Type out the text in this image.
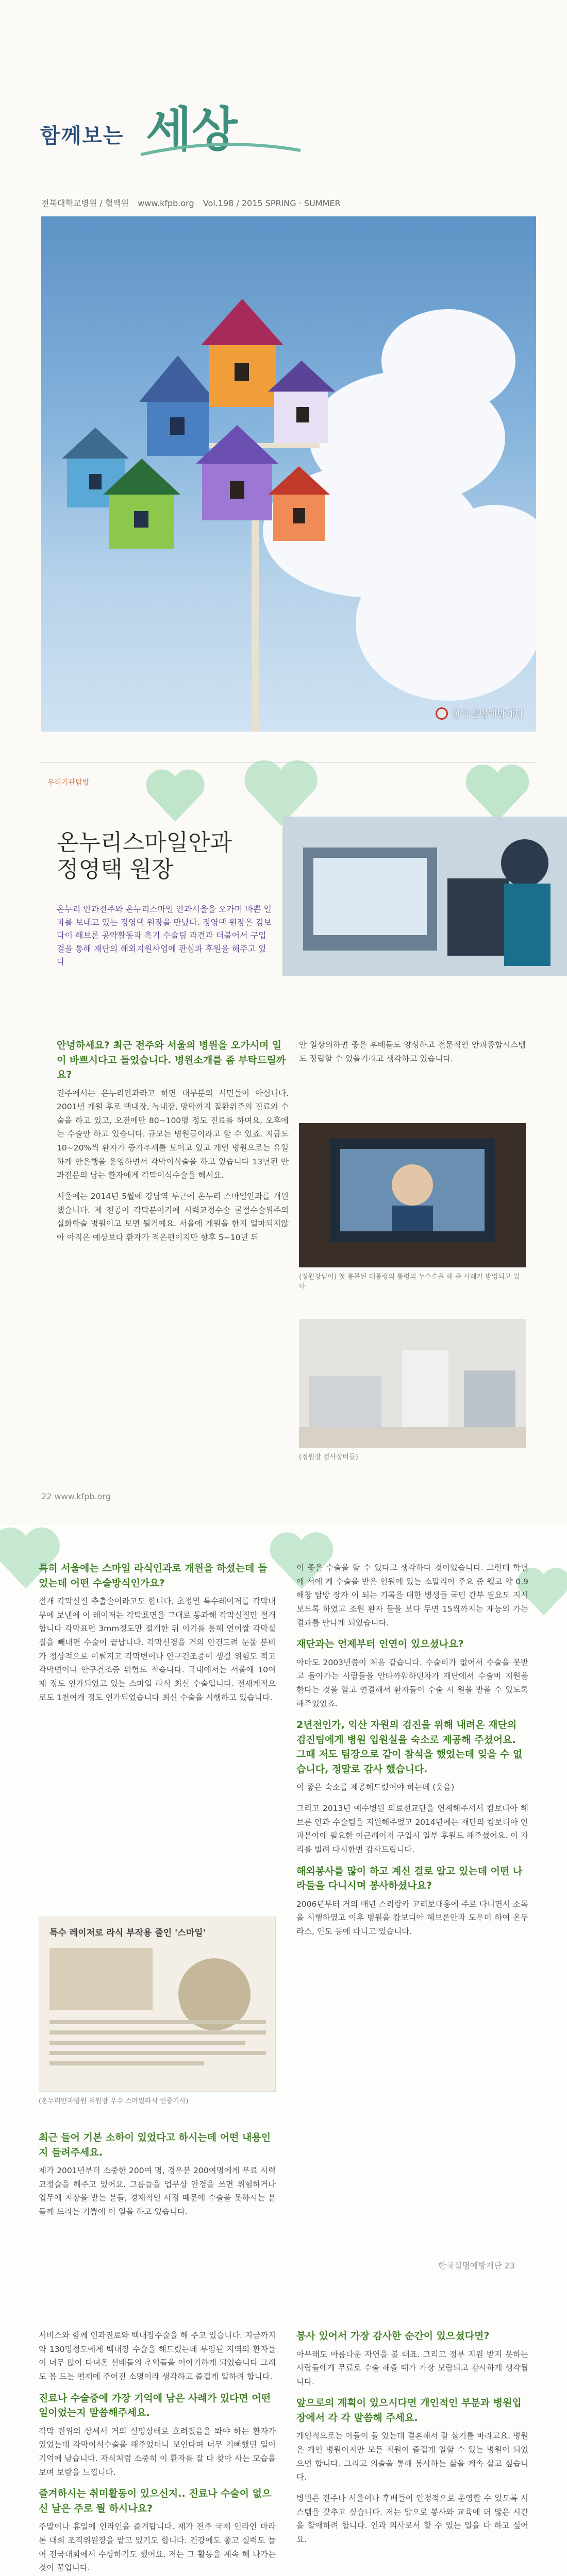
함께보는 세상
전북대학교병원 / 혈액원 www.kfpb.org Vol.198 / 2015 SPRING · SUMMER
한국실명예방재단
우리기관탐방
온누리스마일안과
정영택 원장
온누리 안과전주와 온누리스마일 안과서울을 오가며 바쁜 일과를 보내고 있는 정영택 원장을 만났다. 정영택 원장은 김보다이 해브론 공약활동과 흑기 수술팀 과견과 더불어서 구입결을 통해 재단의 해외지원사업에 관심과 후원을 해주고 있다
안녕하세요? 최근 전주와 서울의 병원을 오가시며 일이 바쁘시다고 들었습니다. 병원소개를 좀 부탁드릴까요?
전주에서는 온누리안과라고 하면 대부분의 시민들이 아십니다. 2001년 개원 후로 백내장, 녹내장, 망막까지 질환위주의 진료와 수술을 하고 있고, 오전에만 80~100명 정도 진료를 하며요, 오후에는 수술만 하고 있습니다. 규모는 병원급이라고 할 수 있죠. 지금도 10~20%씩 환자가 증가추세를 보이고 있고 개인 병원으로는 유일하게 안은행을 운영하면서 각막이식술을 하고 있습니다 13년된 안 과전문의 남는 환자에게 각막이식수술을 해서요.
서울에는 2014년 5월에 강남역 부근에 온누리 스마일안과를 개원했습니다. 제 전공이 각막분이기에 시력교정수술 굴절수술위주의 실화학술 병원이고 보면 될거예요. 서울에 개원을 한지 얼마되지않아 아직은 예상보다 환자가 적은편이지만 향후 5~10년 뒤
안 일상의하면 좋은 후배들도 양성하고 전문적인 안과종합시스템도 정립할 수 있을거라고 생각하고 있습니다.
(정원장님이) 첫 봉문된 대통령의 통령의 누수술을 해 준 사례가 방영되고 있다
(정원장 검사장비들)
22 www.kfpb.org
특히 서울에는 스마일 라식인과로 개원을 하셨는데 들었는데 어떤 수술방식인가요?
절개 각막실질 추출술이라고도 합니다. 초정밀 특수레이저를 각막내부에 보낸에 이 레이저는 각막표면을 그대로 통과해 각막실질만 절개 합니다 각막표면 3mm정도만 절개한 뒤 이기를 통해 연이쌀 각막실질을 빼내면 수술이 끝납니다. 각막신경을 거의 안건드려 눈물 분비가 정상적으로 이뤄지고 각막변이나 안구건조증이 생길 위험도 적고 각막변이나 안구건조증 위험도 적습니다. 국내에서는 서울에 10여 제 정도 인가되었고 있는 스마일 라식 최신 수술입니다. 전세계적으로도 1천여개 정도 인가되었습니다 최신 수술을 시행하고 있습니다.
특수 레이저로 라식 부작용 줄인 '스마일'
(온누리안과병원 의원장 우수 스마일라식 인증기사)
최근 들어 기본 소하이 있었다고 하시는데 어떤 내용인지 들려주세요.
제가 2001년부터 소중한 200여 명, 경우분 200여명에게 무료 시력교정술을 해주고 있어요. 그룹들을 업무상 안경을 쓰면 위험하거나 업무에 지장을 받는 분들, 경제적인 사정 때문에 수술을 못하시는 분들께 드리는 기쁨에 이 일을 하고 있습니다.
이 좋은 수술을 할 수 있다고 생각하다 것이었습니다. 그런데 학년에 서예 계 수술을 받은 인원에 있는 소말리아 주요 중 웹교 약 0.9 해창 탐방 장자 이 되는 기록을 대한 병생들 국민 간부 필요도 지시 보도록 하였고 조원 환자 들을 보다 두면 15씩까지는 재능의 가는 결과를 만나게 되었습니다.
재단과는 언제부터 인연이 있으셨나요?
아마도 2003년쯤이 처음 같습니다. 수술비가 없어서 수술을 못받고 돌아가는 사람들을 안타까워하던차가 재단에서 수술비 지원을 한다는 것을 알고 연결해서 환자들이 수술 시 원을 받을 수 있도록 해주었었죠.
2년전인가, 익산 자원의 검진을 위해 내려온 재단의 검진팀에게 병원 입원실을 숙소로 제공해 주셨어요. 그때 저도 팀장으로 같이 참석을 했었는데 잊을 수 없습니다, 정말로 감사 했습니다.
이 좋은 숙소를 제공해드렸어야 하는데 (웃음)
그리고 2013년 예수병원 의료선교단을 연계해주셔서 캄보디아 헤브론 안과 수술팀을 지원해주었고 2014년에는 재단의 캄보디아 안과분야에 필요한 이근레이저 구입시 일부 후원도 해주셨어요. 이 자리를 빌려 다시한번 감사드립니다.
해외봉사를 많이 하고 계신 걸로 알고 있는데 어떤 나라들을 다니시며 봉사하셨나요?
2006년부터 거의 매년 스리랑카 고리보대홍에 주로 다니면서 소독을 시행하였고 이후 병원을 캄보디아 헤브론안과 도우미 하여 온두라스, 인도 등에 다니고 있습니다.
한국실명예방재단 23
서비스와 함께 인과진료와 백내장수술을 해 주고 있습니다. 지금까지 약 130명정도에게 백내장 수술을 해드렸는데 부임된 지역의 환자들이 너무 많아 다녀온 선배들의 추억들을 이야기하게 되었습니다 그래도 몸 드는 편제에 주어진 소명이라 생각하고 즐겁게 일하려 합니다.
진료나 수술중에 가장 기억에 남은 사례가 있다면 어떤 일이었는지 말씀해주세요.
각막 전위의 상세서 거의 실명상태로 흐려졌음을 봐야 하는 환자가 있었는데 각막이식수술을 해주었더니 보인다며 너무 기뻐했던 일이 기억에 남습니다. 자식처럼 소중히 이 환자를 잘 다 찾아 사는 모습을 보며 보람을 느낍니다.
즐겨하시는 취미활동이 있으신지.. 진료나 수술이 없으신 날은 주로 뭘 하시나요?
주말이나 휴일에 인라인을 즐겨탑니다. 재가 전주 국제 인라인 마라톤 대회 조직위원장을 맡고 있기도 합니다. 건강에도 좋고 실력도 늘어 전국대회에서 수상하기도 했어요. 저는 그 활동을 계속 해 나가는 것이 꿈입니다.
봉사 있어서 가장 감사한 순간이 있으셨다면?
아무래도 아름다운 자연을 볼 때죠. 그리고 정부 지원 받지 못하는 사람들에게 무료로 수술 해줄 때가 가장 보람되고 감사하게 생각됩니다.
앞으로의 계획이 있으시다면 개인적인 부분과 병원입장에서 각 각 말씀해 주세요.
개인적으로는 아들이 둘 있는데 결혼해서 잘 살기를 바라고요. 병원은 개인 병원이지만 모든 직원이 즐겁게 일할 수 있는 병원이 되었으면 합니다. 그리고 의술을 통해 봉사하는 삶을 계속 살고 싶습니다.
병원은 전주나 서울이나 후배들이 안정적으로 운영할 수 있도록 시스템을 갖추고 싶습니다. 저는 앞으로 봉사와 교육에 더 많은 시간을 할애하려 합니다. 인과 의사로서 할 수 있는 일을 다 하고 싶어요.
